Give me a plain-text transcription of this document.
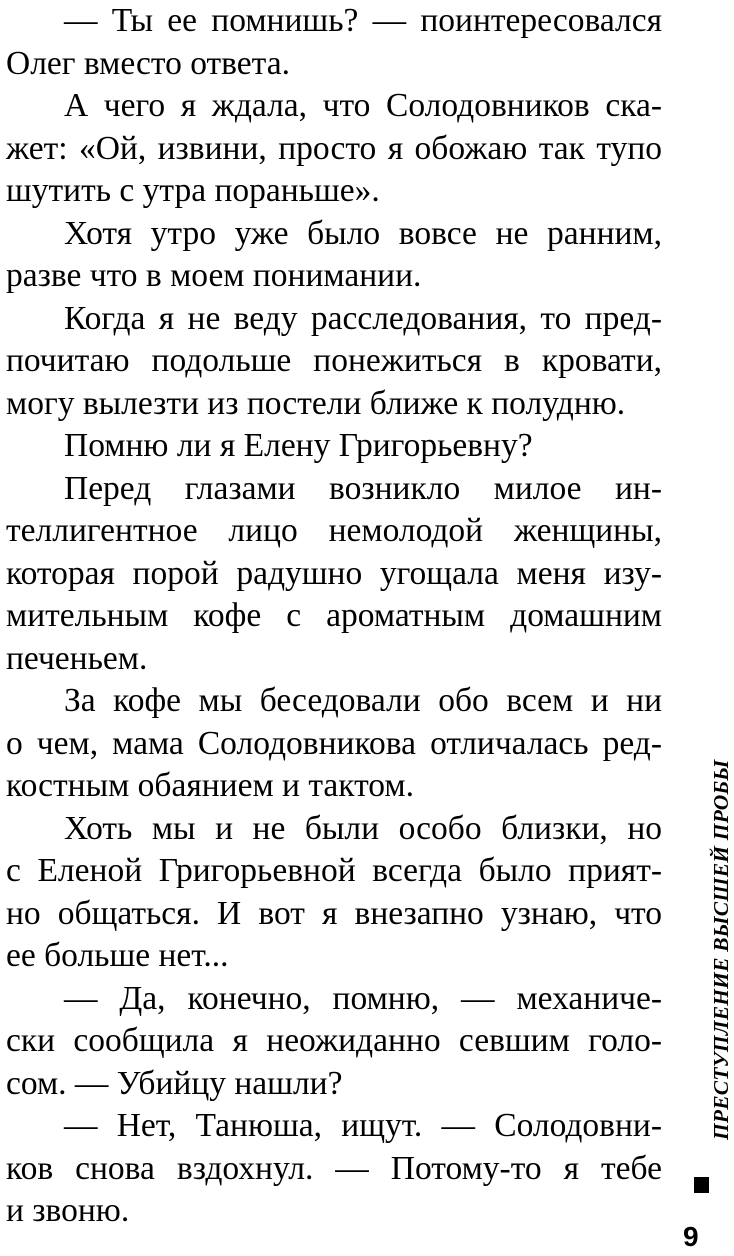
— Ты ее помнишь? — поинтересовался
Олег вместо ответа.
А чего я ждала, что Солодовников ска-
жет: «Ой, извини, просто я обожаю так тупо
шутить с утра пораньше».
Хотя утро уже было вовсе не ранним,
разве что в моем понимании.
Когда я не веду расследования, то пред-
почитаю подольше понежиться в кровати,
могу вылезти из постели ближе к полудню.
Помню ли я Елену Григорьевну?
Перед глазами возникло милое ин-
теллигентное лицо немолодой женщины,
которая порой радушно угощала меня изу-
мительным кофе с ароматным домашним
печеньем.
За кофе мы беседовали обо всем и ни
о чем, мама Солодовникова отличалась ред-
костным обаянием и тактом.
Хоть мы и не были особо близки, но
с Еленой Григорьевной всегда было прият-
но общаться. И вот я внезапно узнаю, что
ее больше нет...
— Да, конечно, помню, — механиче-
ски сообщила я неожиданно севшим голо-
сом. — Убийцу нашли?
— Нет, Танюша, ищут. — Солодовни-
ков снова вздохнул. — Потому-то я тебе
и звоню.
ПРЕСТУПЛЕНИЕ ВЫСШЕЙ ПРОБЫ
9
